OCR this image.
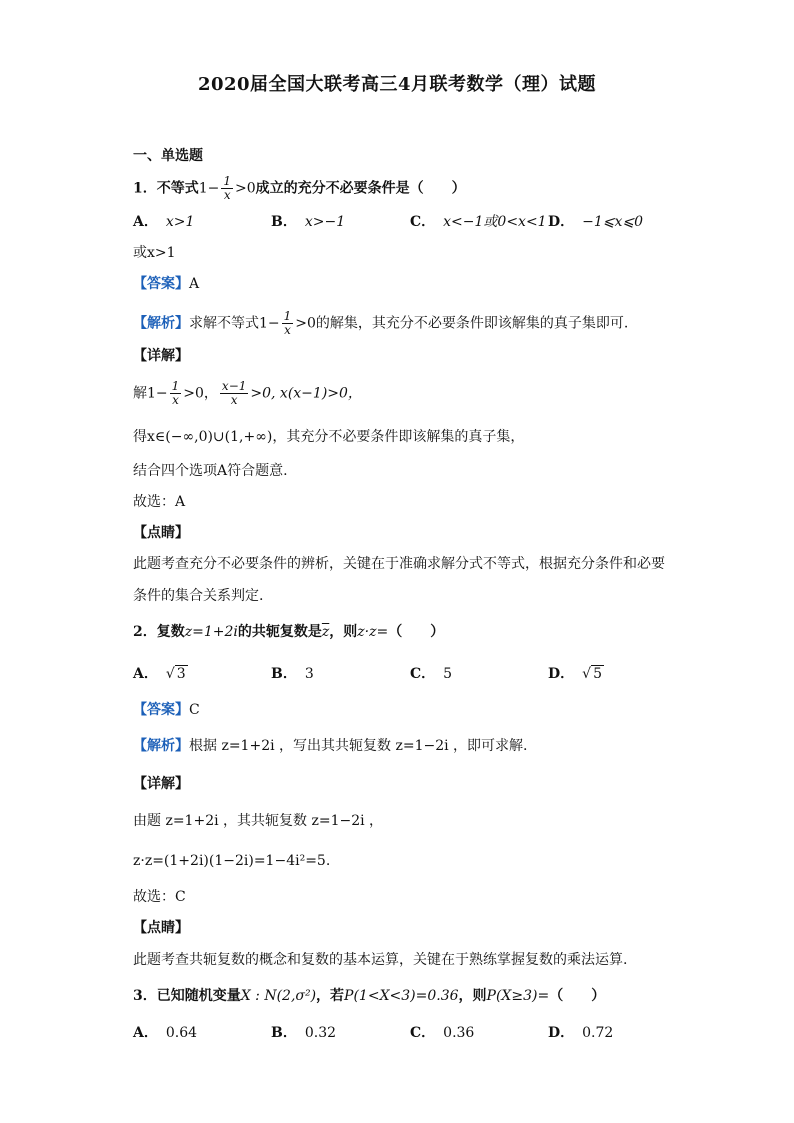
2020届全国大联考高三4月联考数学（理）试题
一、单选题
1．不等式$1- \frac{1}{x} >0$成立的充分不必要条件是（　　）
A． x>1	B． x>−1	C． x<−1或0<x<1 D． −1⩽x⩽0
或x>1
【答案】A
【解析】求解不等式$1- \frac{1}{x} >0$的解集，其充分不必要条件即该解集的真子集即可.
【详解】
解$1- \frac{1}{x} >0$， $\frac{x-1}{x} >0$, x(x−1)>0，
得x∈(−∞,0)∪(1,+∞)，其充分不必要条件即该解集的真子集，
结合四个选项A符合题意.
故选：A
【点睛】
此题考查充分不必要条件的辨析，关键在于准确求解分式不等式，根据充分条件和必要
条件的集合关系判定.
2．复数z=1+2i的共轭复数是$\overline{z}$，则z·z=（　　）
A． √ 3	B． 3	C． 5	D． √ 5
【答案】C
【解析】根据 z=1+2i ，写出其共轭复数 z=1−2i ，即可求解.
【详解】
由题 z=1+2i ，其共轭复数 z=1−2i ，
z·z=(1+2i)(1−2i)=1−4i²=5.
故选：C
【点睛】
此题考查共轭复数的概念和复数的基本运算，关键在于熟练掌握复数的乘法运算.
3．已知随机变量X : N(2,σ²)，若P(1<X<3)=0.36，则P(X≥3)=（　　）
A． 0.64	B． 0.32	C． 0.36	D． 0.72
